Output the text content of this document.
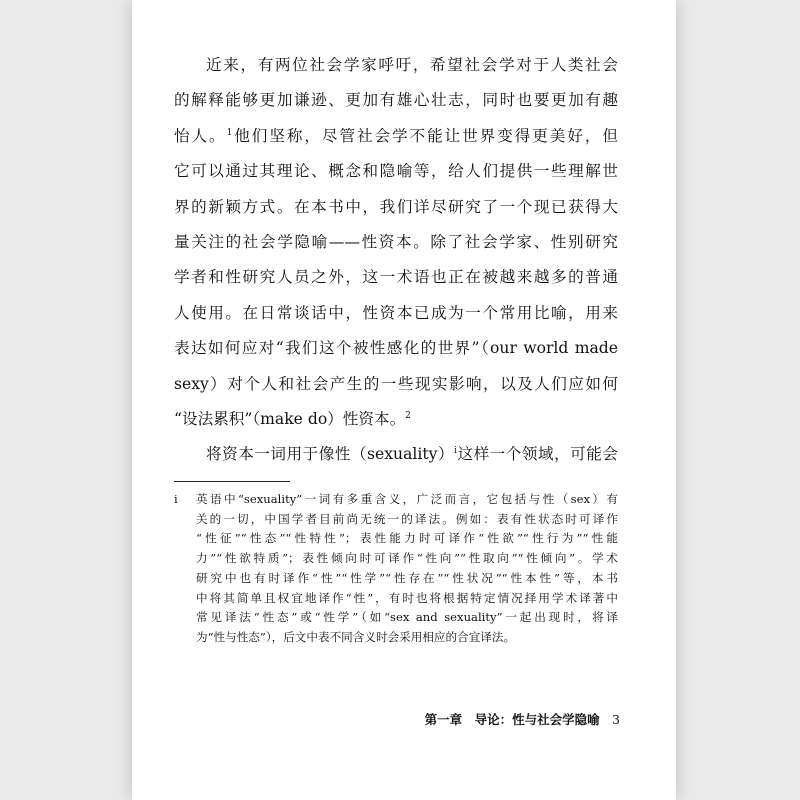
近来，有两位社会学家呼吁，希望社会学对于人类社会
的解释能够更加谦逊、更加有雄心壮志，同时也要更加有趣
怡人。$^1$他们坚称，尽管社会学不能让世界变得更美好，但
它可以通过其理论、概念和隐喻等，给人们提供一些理解世
界的新颖方式。在本书中，我们详尽研究了一个现已获得大
量关注的社会学隐喻——性资本。除了社会学家、性别研究
学者和性研究人员之外，这一术语也正在被越来越多的普通
人使用。在日常谈话中，性资本已成为一个常用比喻，用来
表达如何应对“我们这个被性感化的世界”（our world made
sexy）对个人和社会产生的一些现实影响，以及人们应如何
“设法累积”（make do）性资本。$^2$
将资本一词用于像性（sexuality）$^i$这样一个领域，可能会
i 英语中“sexuality”一词有多重含义，广泛而言，它包括与性（sex）有
关的一切，中国学者目前尚无统一的译法。例如：表有性状态时可译作
“性征”“性态”“性特性”；表性能力时可译作“性欲”“性行为”“性能
力”“性欲特质”；表性倾向时可译作“性向”“性取向”“性倾向”。学术
研究中也有时译作“性”“性学”“性存在”“性状况”“性本性”等，本书
中将其简单且权宜地译作“性”，有时也将根据特定情况择用学术译著中
常见译法“性态”或“性学”（如“sex and sexuality”一起出现时，将译
为“性与性态”），后文中表不同含义时会采用相应的合宜译法。
第一章　导论：性与社会学隐喻 3
